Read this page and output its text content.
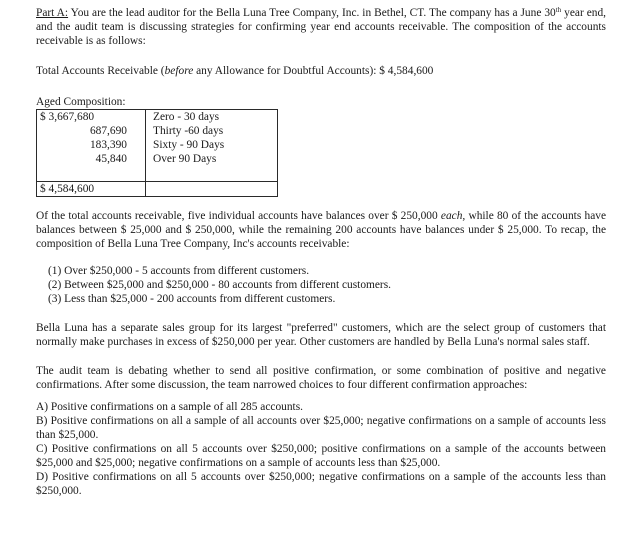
Part A: You are the lead auditor for the Bella Luna Tree Company, Inc. in Bethel, CT. The company has a June 30th year end, and the audit team is discussing strategies for confirming year end accounts receivable. The composition of the accounts receivable is as follows:

Total Accounts Receivable (before any Allowance for Doubtful Accounts): $ 4,584,600

Aged Composition:
$ 3,667,680	Zero - 30 days
687,690	Thirty -60 days
183,390	Sixty - 90 Days
45,840	Over 90 Days

$ 4,584,600	

Of the total accounts receivable, five individual accounts have balances over $ 250,000 each, while 80 of the accounts have balances between $ 25,000 and $ 250,000, while the remaining 200 accounts have balances under $ 25,000. To recap, the composition of Bella Luna Tree Company, Inc's accounts receivable:

(1) Over $250,000 - 5 accounts from different customers.
(2) Between $25,000 and $250,000 - 80 accounts from different customers.
(3) Less than $25,000 - 200 accounts from different customers.

Bella Luna has a separate sales group for its largest "preferred" customers, which are the select group of customers that normally make purchases in excess of $250,000 per year. Other customers are handled by Bella Luna's normal sales staff.

The audit team is debating whether to send all positive confirmation, or some combination of positive and negative confirmations. After some discussion, the team narrowed choices to four different confirmation approaches:

A) Positive confirmations on a sample of all 285 accounts.
B) Positive confirmations on all a sample of all accounts over $25,000; negative confirmations on a sample of accounts less than $25,000.
C) Positive confirmations on all 5 accounts over $250,000; positive confirmations on a sample of the accounts between $25,000 and $25,000; negative confirmations on a sample of accounts less than $25,000.
D) Positive confirmations on all 5 accounts over $250,000; negative confirmations on a sample of the accounts less than $250,000.
